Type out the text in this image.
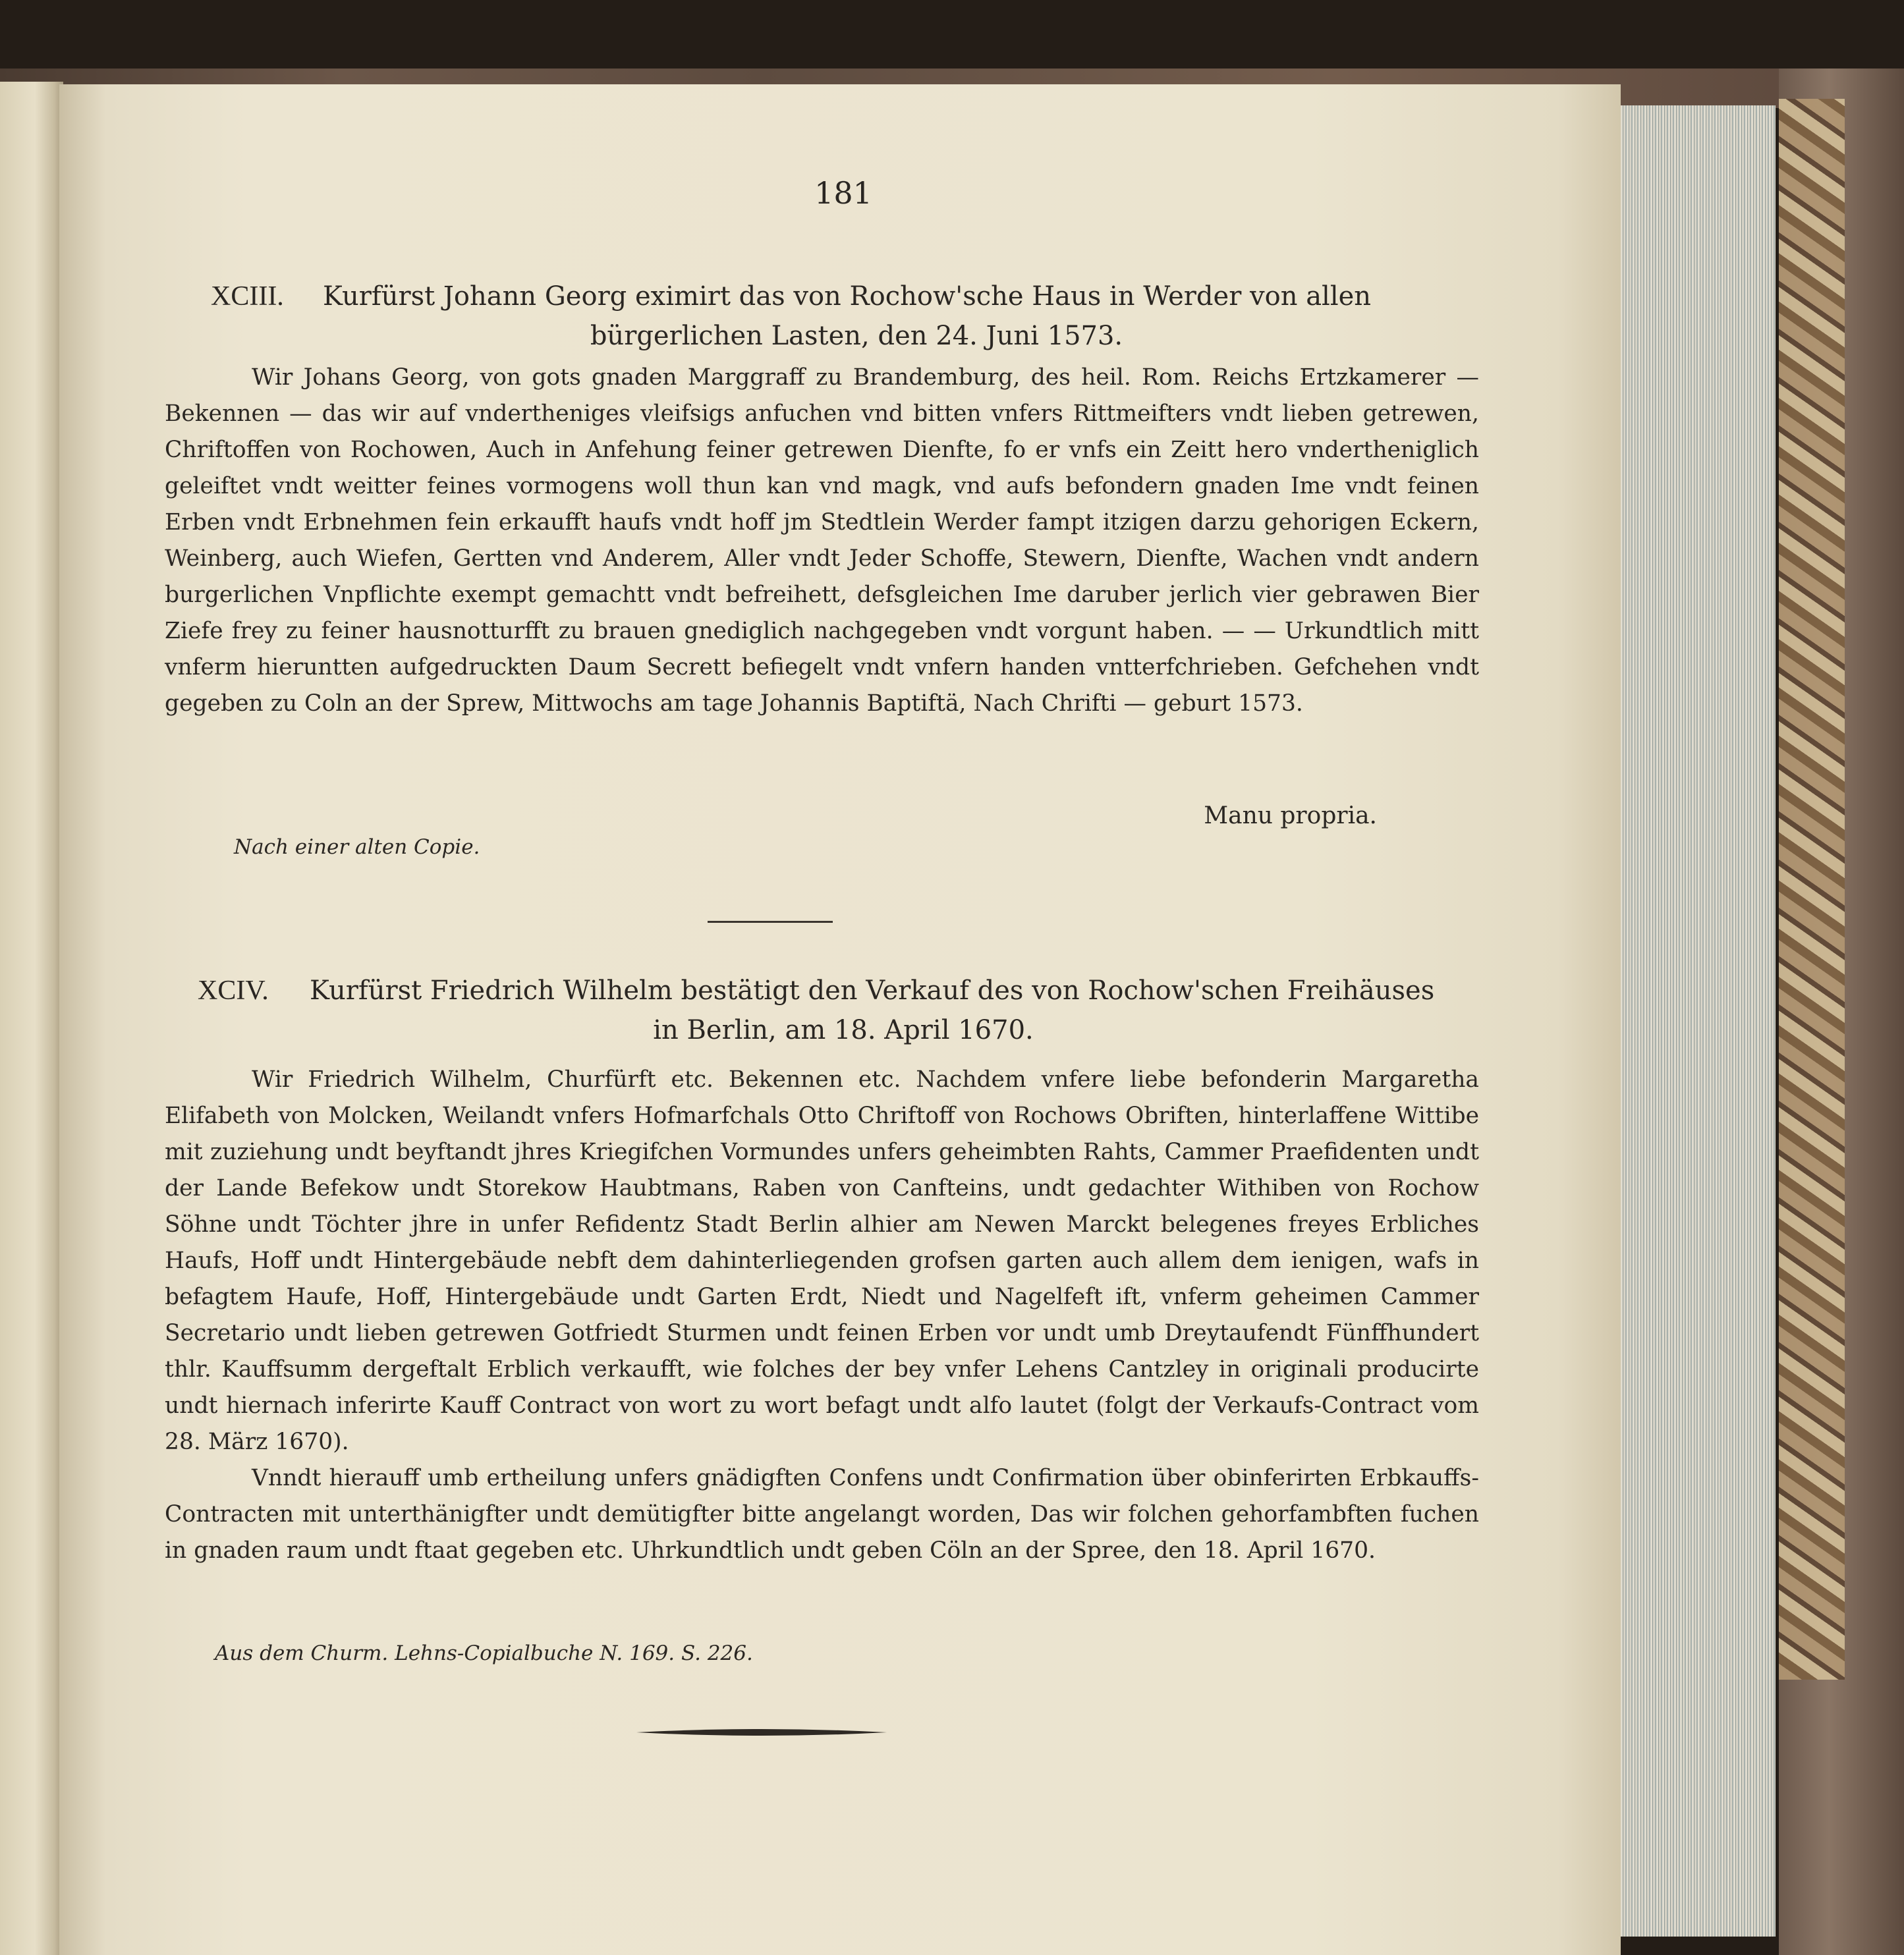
181
XCIII. Kurfürst Johann Georg eximirt das von Rochow'sche Haus in Werder von allen
bürgerlichen Lasten, den 24. Juni 1573.

Wir Johans Georg, von gots gnaden Marggraff zu Brandemburg, des heil. Rom. Reichs Ertzkamerer — Bekennen — das wir auf vndertheniges vleifsigs anfuchen vnd bitten vnfers Rittmeifters vndt lieben getrewen, Chriftoffen von Rochowen, Auch in Anfehung feiner getrewen Dienfte, fo er vnfs ein Zeitt hero vndertheniglich geleiftet vndt weitter feines vormogens woll thun kan vnd magk, vnd aufs befondern gnaden Ime vndt feinen Erben vndt Erbnehmen fein erkaufft haufs vndt hoff jm Stedtlein Werder fampt itzigen darzu gehorigen Eckern, Weinberg, auch Wiefen, Gertten vnd Anderem, Aller vndt Jeder Schoffe, Stewern, Dienfte, Wachen vndt andern burgerlichen Vnpflichte exempt gemachtt vndt befreihett, defsgleichen Ime daruber jerlich vier gebrawen Bier Ziefe frey zu feiner hausnotturfft zu brauen gnediglich nachgegeben vndt vorgunt haben. — — Urkundtlich mitt vnferm hieruntten aufgedruckten Daum Secrett befiegelt vndt vnfern handen vntterfchrieben. Gefchehen vndt gegeben zu Coln an der Sprew, Mittwochs am tage Johannis Baptiftä, Nach Chrifti — geburt 1573.

Manu propria.
Nach einer alten Copie.
XCIV. Kurfürst Friedrich Wilhelm bestätigt den Verkauf des von Rochow'schen Freihäuses
in Berlin, am 18. April 1670.

Wir Friedrich Wilhelm, Churfürft etc. Bekennen etc. Nachdem vnfere liebe befonderin Margaretha Elifabeth von Molcken, Weilandt vnfers Hofmarfchals Otto Chriftoff von Rochows Obriften, hinterlaffene Wittibe mit zuziehung undt beyftandt jhres Kriegifchen Vormundes unfers geheimbten Rahts, Cammer Praefidenten undt der Lande Befekow undt Storekow Haubtmans, Raben von Canfteins, undt gedachter Withiben von Rochow Söhne undt Töchter jhre in unfer Refidentz Stadt Berlin alhier am Newen Marckt belegenes freyes Erbliches Haufs, Hoff undt Hintergebäude nebft dem dahinterliegenden grofsen garten auch allem dem ienigen, wafs in befagtem Haufe, Hoff, Hintergebäude undt Garten Erdt, Niedt und Nagelfeft ift, vnferm geheimen Cammer Secretario undt lieben getrewen Gotfriedt Sturmen undt feinen Erben vor undt umb Dreytaufendt Fünffhundert thlr. Kauffsumm dergeftalt Erblich verkaufft, wie folches der bey vnfer Lehens Cantzley in originali producirte undt hiernach inferirte Kauff Contract von wort zu wort befagt undt alfo lautet (folgt der Verkaufs-Contract vom 28. März 1670).

Vnndt hierauff umb ertheilung unfers gnädigften Confens undt Confirmation über obinferirten Erbkauffs-Contracten mit unterthänigfter undt demütigfter bitte angelangt worden, Das wir folchen gehorfambften fuchen in gnaden raum undt ftaat gegeben etc. Uhrkundtlich undt geben Cöln an der Spree, den 18. April 1670.

Aus dem Churm. Lehns-Copialbuche N. 169. S. 226.
